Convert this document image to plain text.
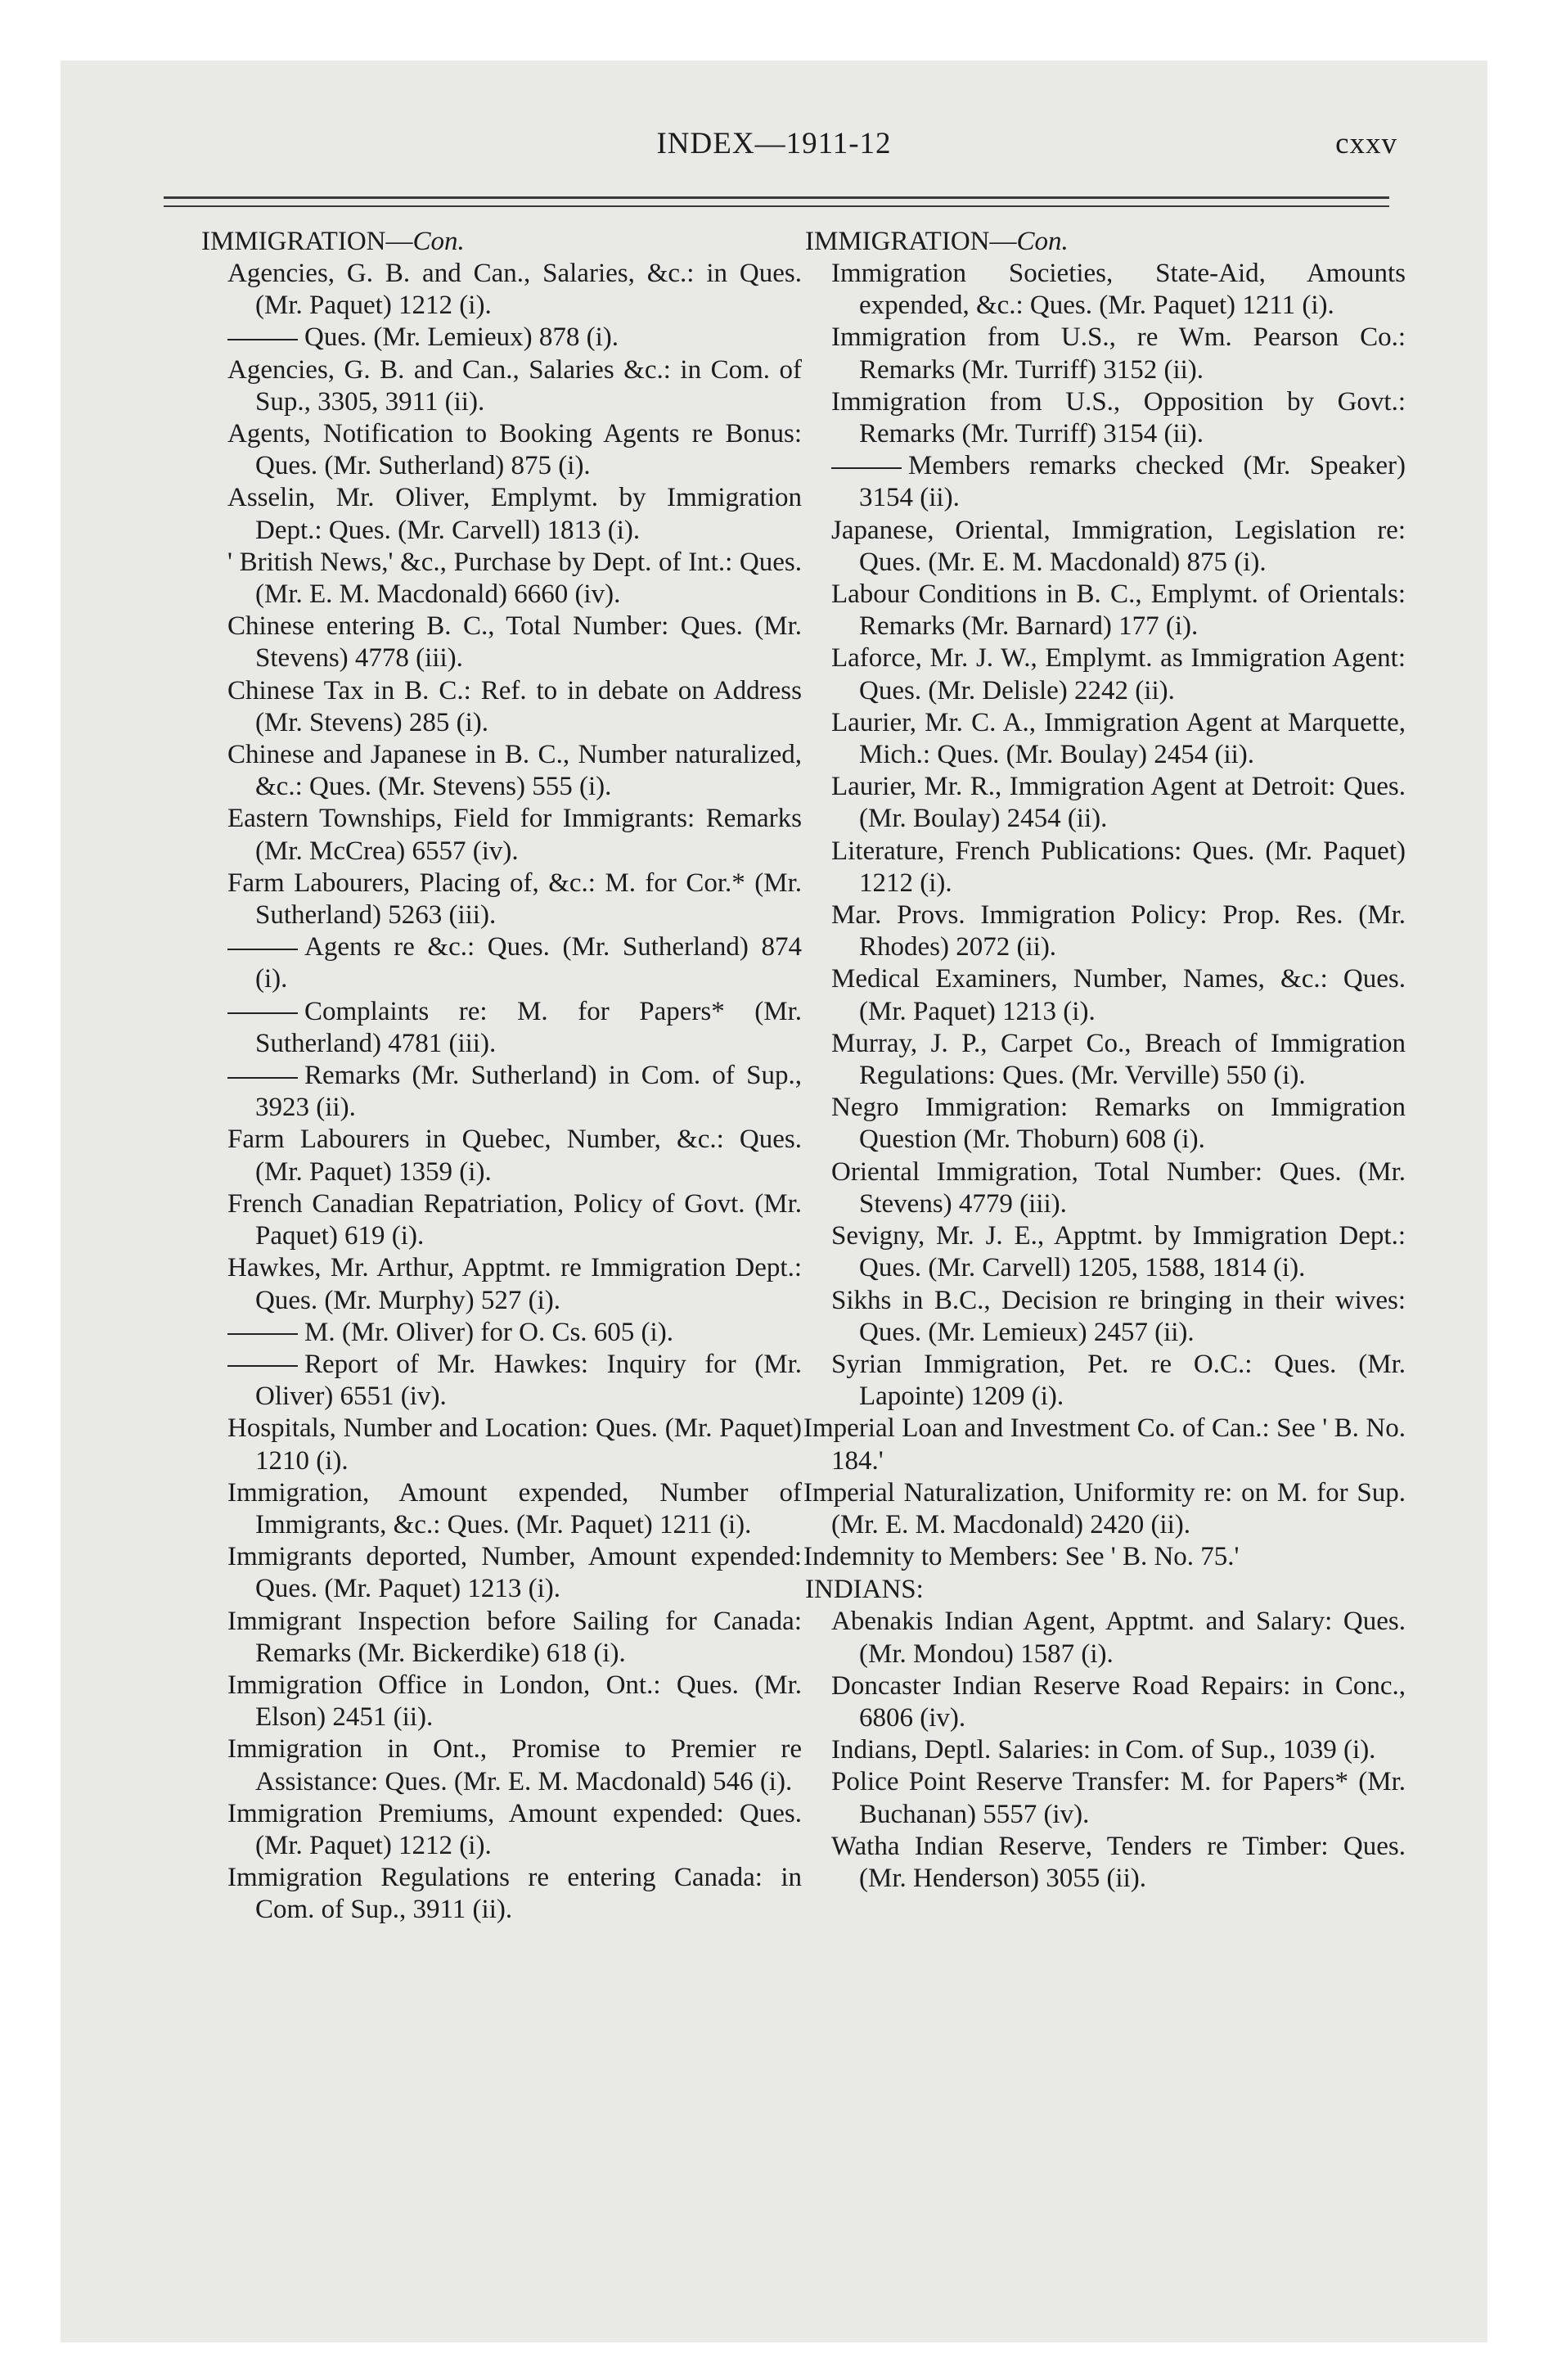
INDEX—1911-12	cxxv
IMMIGRATION—Con.
Agencies, G. B. and Can., Salaries, &c.: in Ques. (Mr. Paquet) 1212 (i).
Ques. (Mr. Lemieux) 878 (i).
Agencies, G. B. and Can., Salaries &c.: in Com. of Sup., 3305, 3911 (ii).
Agents, Notification to Booking Agents re Bonus: Ques. (Mr. Sutherland) 875 (i).
Asselin, Mr. Oliver, Emplymt. by Immigration Dept.: Ques. (Mr. Carvell) 1813 (i).
' British News,' &c., Purchase by Dept. of Int.: Ques. (Mr. E. M. Macdonald) 6660 (iv).
Chinese entering B. C., Total Number: Ques. (Mr. Stevens) 4778 (iii).
Chinese Tax in B. C.: Ref. to in debate on Address (Mr. Stevens) 285 (i).
Chinese and Japanese in B. C., Number naturalized, &c.: Ques. (Mr. Stevens) 555 (i).
Eastern Townships, Field for Immigrants: Remarks (Mr. McCrea) 6557 (iv).
Farm Labourers, Placing of, &c.: M. for Cor.* (Mr. Sutherland) 5263 (iii).
Agents re &c.: Ques. (Mr. Sutherland) 874 (i).
Complaints re: M. for Papers* (Mr. Sutherland) 4781 (iii).
Remarks (Mr. Sutherland) in Com. of Sup., 3923 (ii).
Farm Labourers in Quebec, Number, &c.: Ques. (Mr. Paquet) 1359 (i).
French Canadian Repatriation, Policy of Govt. (Mr. Paquet) 619 (i).
Hawkes, Mr. Arthur, Apptmt. re Immigration Dept.: Ques. (Mr. Murphy) 527 (i).
M. (Mr. Oliver) for O. Cs. 605 (i).
Report of Mr. Hawkes: Inquiry for (Mr. Oliver) 6551 (iv).
Hospitals, Number and Location: Ques. (Mr. Paquet) 1210 (i).
Immigration, Amount expended, Number of Immigrants, &c.: Ques. (Mr. Paquet) 1211 (i).
Immigrants deported, Number, Amount expended: Ques. (Mr. Paquet) 1213 (i).
Immigrant Inspection before Sailing for Canada: Remarks (Mr. Bickerdike) 618 (i).
Immigration Office in London, Ont.: Ques. (Mr. Elson) 2451 (ii).
Immigration in Ont., Promise to Premier re Assistance: Ques. (Mr. E. M. Macdonald) 546 (i).
Immigration Premiums, Amount expended: Ques. (Mr. Paquet) 1212 (i).
Immigration Regulations re entering Canada: in Com. of Sup., 3911 (ii).
IMMIGRATION—Con.
Immigration Societies, State-Aid, Amounts expended, &c.: Ques. (Mr. Paquet) 1211 (i).
Immigration from U.S., re Wm. Pearson Co.: Remarks (Mr. Turriff) 3152 (ii).
Immigration from U.S., Opposition by Govt.: Remarks (Mr. Turriff) 3154 (ii).
Members remarks checked (Mr. Speaker) 3154 (ii).
Japanese, Oriental, Immigration, Legislation re: Ques. (Mr. E. M. Macdonald) 875 (i).
Labour Conditions in B. C., Emplymt. of Orientals: Remarks (Mr. Barnard) 177 (i).
Laforce, Mr. J. W., Emplymt. as Immigration Agent: Ques. (Mr. Delisle) 2242 (ii).
Laurier, Mr. C. A., Immigration Agent at Marquette, Mich.: Ques. (Mr. Boulay) 2454 (ii).
Laurier, Mr. R., Immigration Agent at Detroit: Ques. (Mr. Boulay) 2454 (ii).
Literature, French Publications: Ques. (Mr. Paquet) 1212 (i).
Mar. Provs. Immigration Policy: Prop. Res. (Mr. Rhodes) 2072 (ii).
Medical Examiners, Number, Names, &c.: Ques. (Mr. Paquet) 1213 (i).
Murray, J. P., Carpet Co., Breach of Immigration Regulations: Ques. (Mr. Verville) 550 (i).
Negro Immigration: Remarks on Immigration Question (Mr. Thoburn) 608 (i).
Oriental Immigration, Total Number: Ques. (Mr. Stevens) 4779 (iii).
Sevigny, Mr. J. E., Apptmt. by Immigration Dept.: Ques. (Mr. Carvell) 1205, 1588, 1814 (i).
Sikhs in B.C., Decision re bringing in their wives: Ques. (Mr. Lemieux) 2457 (ii).
Syrian Immigration, Pet. re O.C.: Ques. (Mr. Lapointe) 1209 (i).
Imperial Loan and Investment Co. of Can.: See ' B. No. 184.'
Imperial Naturalization, Uniformity re: on M. for Sup. (Mr. E. M. Macdonald) 2420 (ii).
Indemnity to Members: See ' B. No. 75.'
INDIANS:
Abenakis Indian Agent, Apptmt. and Salary: Ques. (Mr. Mondou) 1587 (i).
Doncaster Indian Reserve Road Repairs: in Conc., 6806 (iv).
Indians, Deptl. Salaries: in Com. of Sup., 1039 (i).
Police Point Reserve Transfer: M. for Papers* (Mr. Buchanan) 5557 (iv).
Watha Indian Reserve, Tenders re Timber: Ques. (Mr. Henderson) 3055 (ii).
